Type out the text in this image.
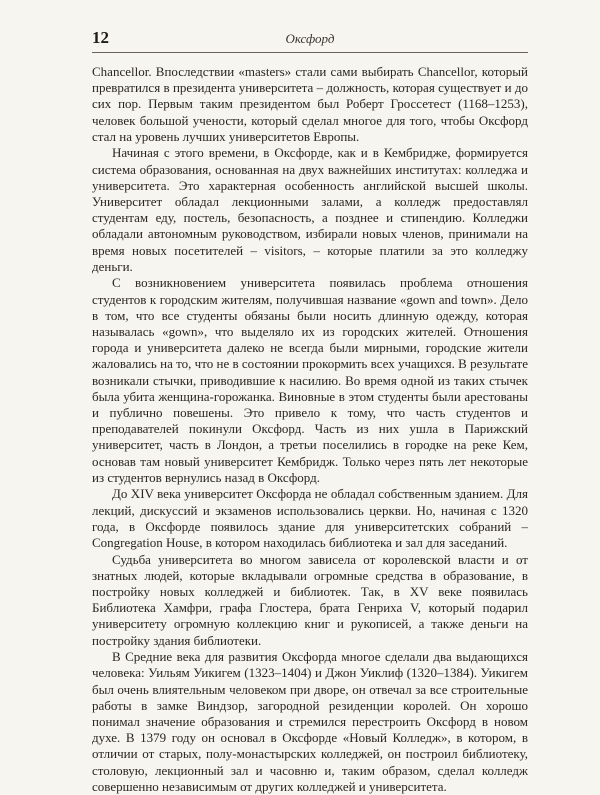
12	Оксфорд

Chancellor. Впоследствии «masters» стали сами выбирать Chancellor, который превратился в президента университета – должность, которая существует и до сих пор. Первым таким президентом был Роберт Гроссетест (1168–1253), человек большой учености, который сделал многое для того, чтобы Оксфорд стал на уровень лучших университетов Европы.

Начиная с этого времени, в Оксфорде, как и в Кембридже, формируется система образования, основанная на двух важнейших институтах: колледжа и университета. Это характерная особенность английской высшей школы. Университет обладал лекционными залами, а колледж предоставлял студентам еду, постель, безопасность, а позднее и стипендию. Колледжи обладали автономным руководством, избирали новых членов, принимали на время новых посетителей – visitors, – которые платили за это колледжу деньги.

С возникновением университета появилась проблема отношения студентов к городским жителям, получившая название «gown and town». Дело в том, что все студенты обязаны были носить длинную одежду, которая называлась «gown», что выделяло их из городских жителей. Отношения города и университета далеко не всегда были мирными, городские жители жаловались на то, что не в состоянии прокормить всех учащихся. В результате возникали стычки, приводившие к насилию. Во время одной из таких стычек была убита женщина-горожанка. Виновные в этом студенты были арестованы и публично повешены. Это привело к тому, что часть студентов и преподавателей покинули Оксфорд. Часть из них ушла в Парижский университет, часть в Лондон, а третьи поселились в городке на реке Кем, основав там новый университет Кембридж. Только через пять лет некоторые из студентов вернулись назад в Оксфорд.

До XIV века университет Оксфорда не обладал собственным зданием. Для лекций, дискуссий и экзаменов использовались церкви. Но, начиная с 1320 года, в Оксфорде появилось здание для университетских собраний – Congregation House, в котором находилась библиотека и зал для заседаний.

Судьба университета во многом зависела от королевской власти и от знатных людей, которые вкладывали огромные средства в образование, в постройку новых колледжей и библиотек. Так, в XV веке появилась Библиотека Хамфри, графа Глостера, брата Генриха V, который подарил университету огромную коллекцию книг и рукописей, а также деньги на постройку здания библиотеки.

В Средние века для развития Оксфорда многое сделали два выдающихся человека: Уильям Уикигем (1323–1404) и Джон Уиклиф (1320–1384). Уикигем был очень влиятельным человеком при дворе, он отвечал за все строительные работы в замке Виндзор, загородной резиденции королей. Он хорошо понимал значение образования и стремился перестроить Оксфорд в новом духе. В 1379 году он основал в Оксфорде «Новый Колледж», в котором, в отличии от старых, полу-монастырских колледжей, он построил библиотеку, столовую, лекционный зал и часовню и, таким образом, сделал колледж совершенно независимым от других колледжей и университета.
